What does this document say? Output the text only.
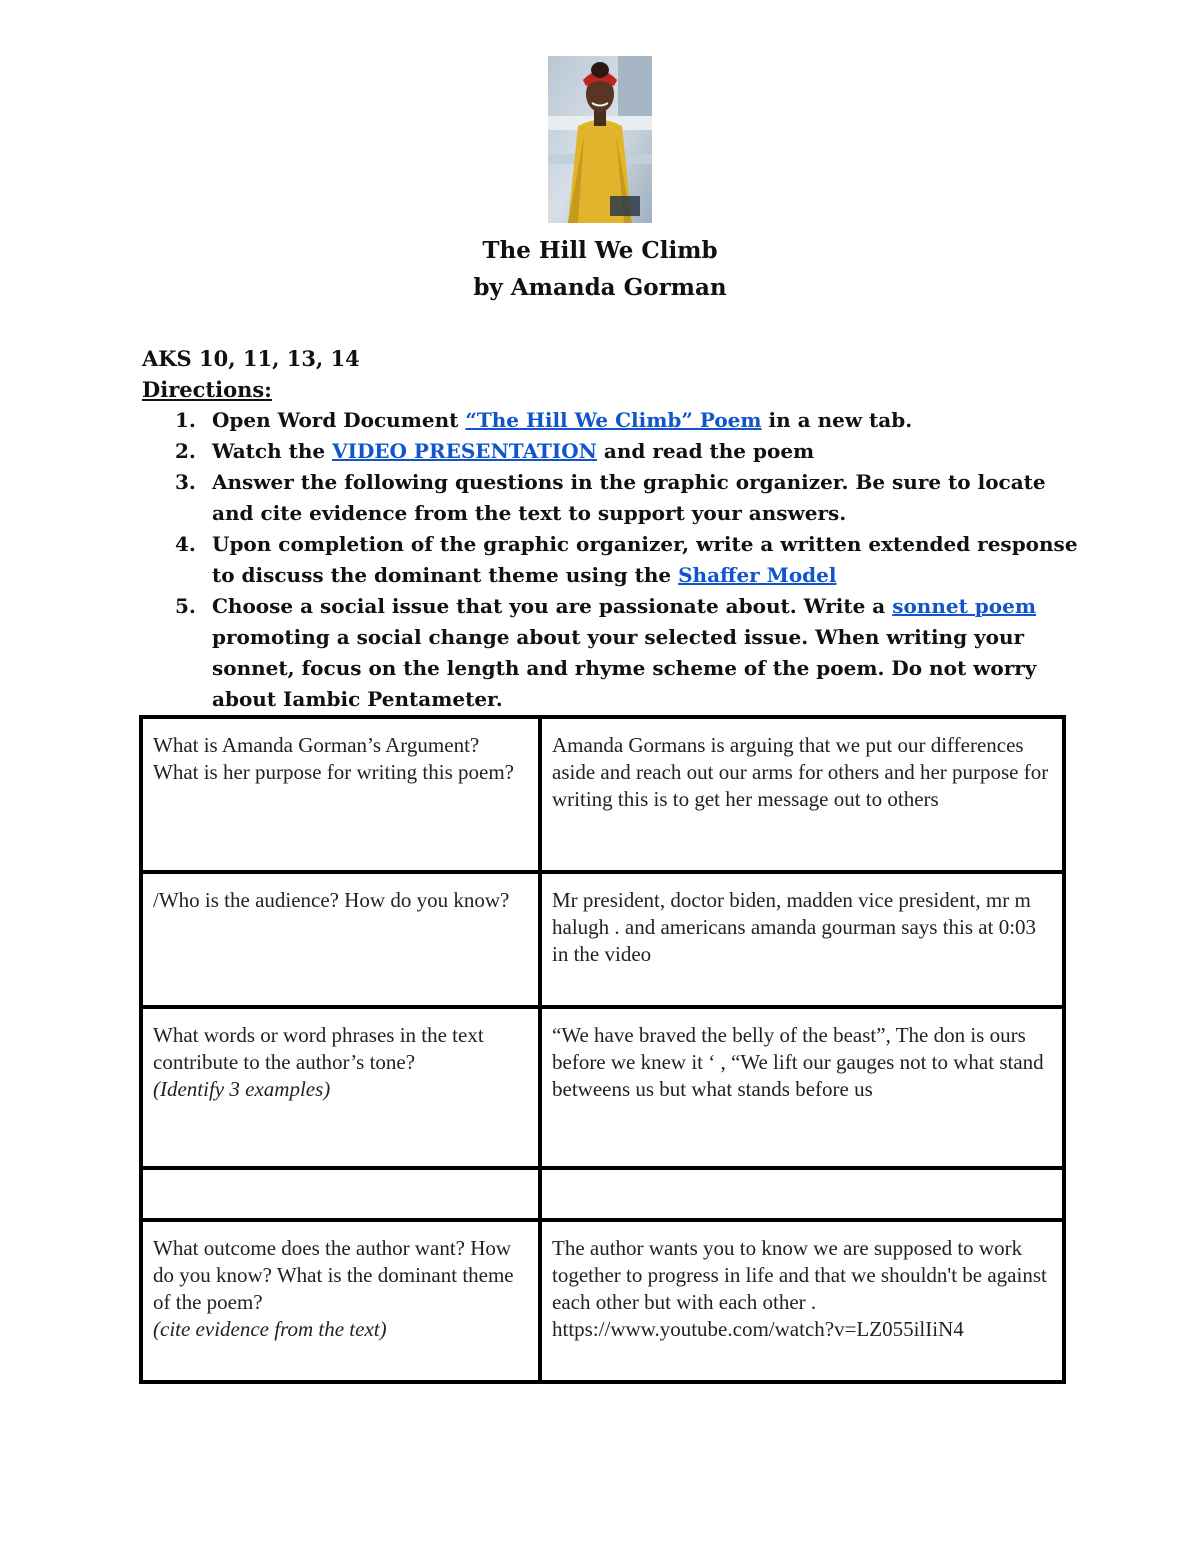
The Hill We Climb
by Amanda Gorman
AKS 10, 11, 13, 14
Directions:
1. Open Word Document “The Hill We Climb” Poem in a new tab.
2. Watch the VIDEO PRESENTATION and read the poem
3. Answer the following questions in the graphic organizer. Be sure to locate and cite evidence from the text to support your answers.
4. Upon completion of the graphic organizer, write a written extended response to discuss the dominant theme using the Shaffer Model
5. Choose a social issue that you are passionate about. Write a sonnet poem promoting a social change about your selected issue. When writing your sonnet, focus on the length and rhyme scheme of the poem. Do not worry about Iambic Pentameter.
What is Amanda Gorman’s Argument? What is her purpose for writing this poem?	Amanda Gormans is arguing that we put our differences aside and reach out our arms for others and her purpose for writing this is to get her message out to others
/Who is the audience? How do you know?	Mr president, doctor biden, madden vice president, mr m halugh . and americans amanda gourman says this at 0:03 in the video
What words or word phrases in the text contribute to the author’s tone?
(Identify 3 examples)	“We have braved the belly of the beast”, The don is ours before we knew it ‘ , “We lift our gauges not to what stand betweens us but what stands before us

What outcome does the author want? How do you know? What is the dominant theme of the poem?
(cite evidence from the text)	The author wants you to know we are supposed to work together to progress in life and that we shouldn't be against each other but with each other . https://www.youtube.com/watch?v=LZ055ilIiN4
